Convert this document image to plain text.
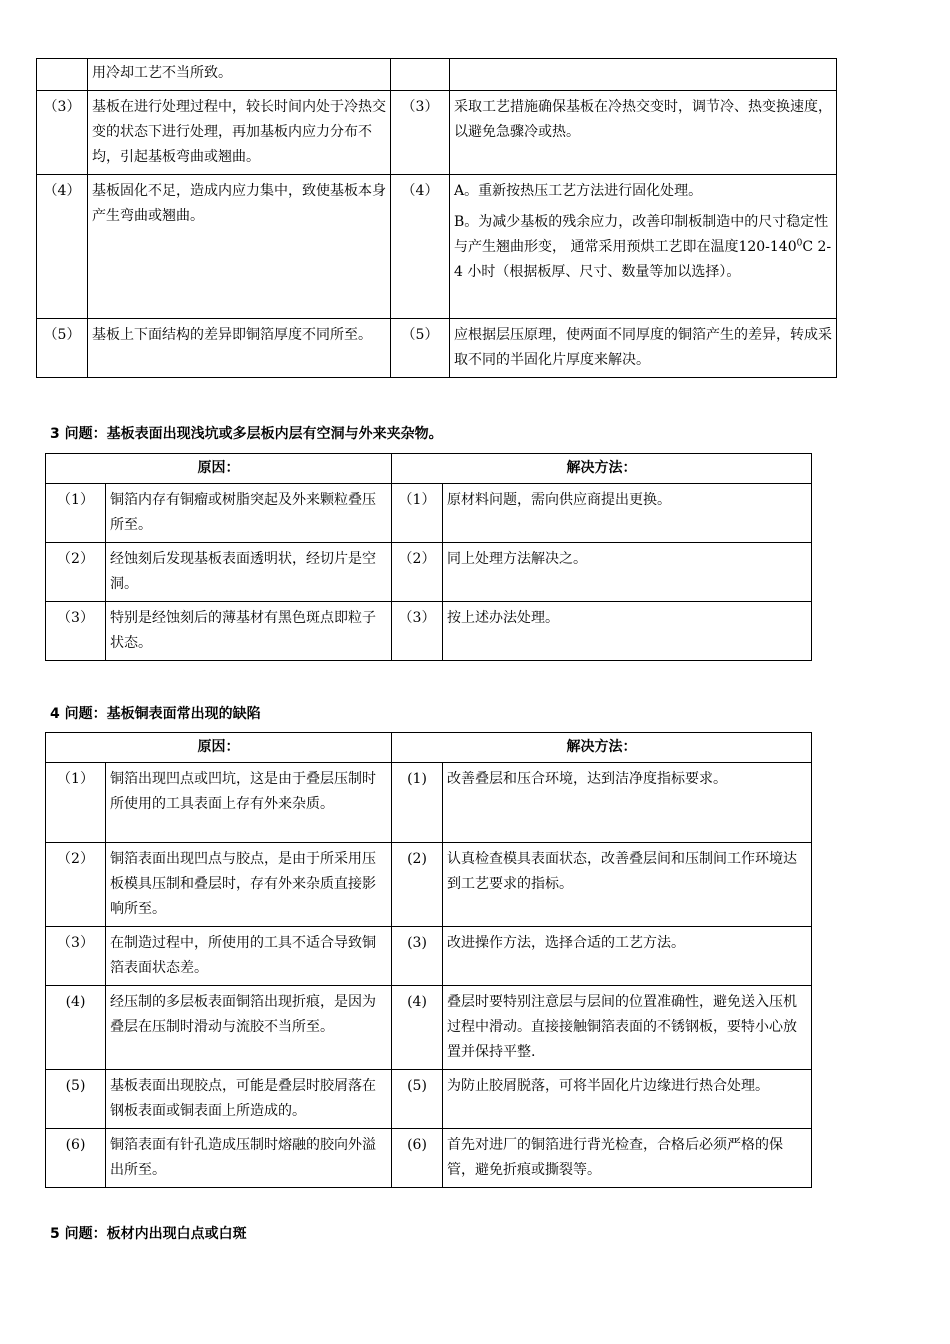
	用冷却工艺不当所致。		

（3）	基板在进行处理过程中，较长时间内处于冷热交变的状态下进行处理，再加基板内应力分布不均，引起基板弯曲或翘曲。	（3）	采取工艺措施确保基板在冷热交变时，调节冷、热变换速度，以避免急骤冷或热。

（4）	基板固化不足，造成内应力集中，致使基板本身产生弯曲或翘曲。	（4）	A。重新按热压工艺方法进行固化处理。
B。为减少基板的残余应力，改善印制板制造中的尺寸稳定性与产生翘曲形变， 通常采用预烘工艺即在温度$120-140^0C$ 2-4 小时（根据板厚、尺寸、数量等加以选择）。

（5）	基板上下面结构的差异即铜箔厚度不同所至。	（5）	应根据层压原理，使两面不同厚度的铜箔产生的差异，转成采取不同的半固化片厚度来解决。
3 问题：基板表面出现浅坑或多层板内层有空洞与外来夹杂物。
原因：		解决方法：	
（1）	铜箔内存有铜瘤或树脂突起及外来颗粒叠压所至。	（1）	原材料问题，需向供应商提出更换。
（2）	经蚀刻后发现基板表面透明状，经切片是空洞。	（2）	同上处理方法解决之。
（3）	特别是经蚀刻后的薄基材有黑色斑点即粒子状态。	（3）	按上述办法处理。
4 问题：基板铜表面常出现的缺陷
原因：		解决方法：	
（1）	铜箔出现凹点或凹坑，这是由于叠层压制时所使用的工具表面上存有外来杂质。	(1)	改善叠层和压合环境，达到洁净度指标要求。
（2）	铜箔表面出现凹点与胶点，是由于所采用压板模具压制和叠层时，存有外来杂质直接影响所至。	(2)	认真检查模具表面状态，改善叠层间和压制间工作环境达到工艺要求的指标。
（3）	在制造过程中，所使用的工具不适合导致铜箔表面状态差。	(3)	改进操作方法，选择合适的工艺方法。
(4)	经压制的多层板表面铜箔出现折痕，是因为叠层在压制时滑动与流胶不当所至。	(4)	叠层时要特别注意层与层间的位置准确性，避免送入压机过程中滑动。直接接触铜箔表面的不锈钢板，要特小心放置并保持平整.
(5)	基板表面出现胶点，可能是叠层时胶屑落在钢板表面或铜表面上所造成的。	(5)	为防止胶屑脱落，可将半固化片边缘进行热合处理。
(6)	铜箔表面有针孔造成压制时熔融的胶向外溢出所至。	(6)	首先对进厂的铜箔进行背光检查，合格后必须严格的保管，避免折痕或撕裂等。
5 问题：板材内出现白点或白斑
